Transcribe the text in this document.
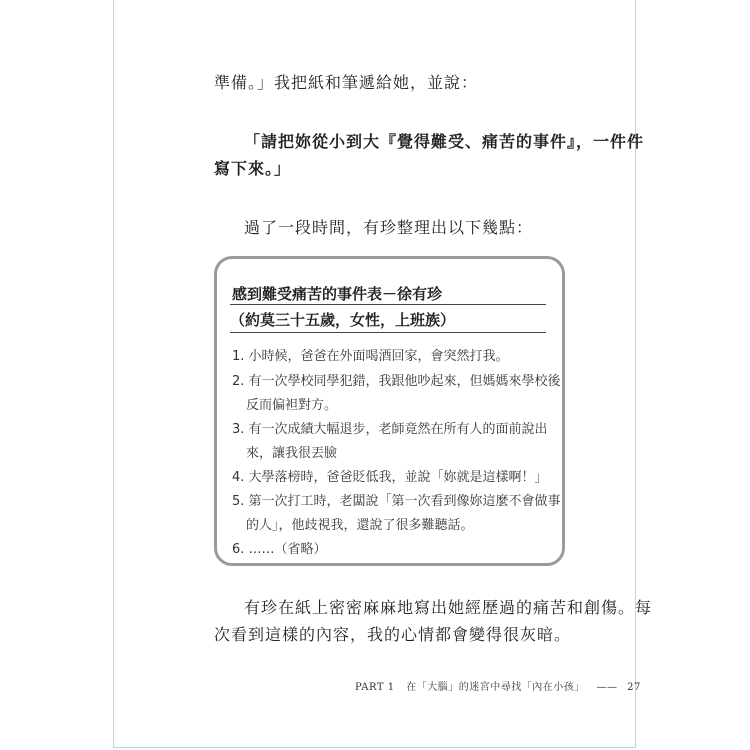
準備。」我把紙和筆遞給她，並說：
「請把妳從小到大『覺得難受、痛苦的事件』，一件件
寫下來。」
過了一段時間，有珍整理出以下幾點：
感到難受痛苦的事件表－徐有珍
（約莫三十五歲，女性，上班族）
1. 小時候，爸爸在外面喝酒回家，會突然打我。
2. 有一次學校同學犯錯，我跟他吵起來，但媽媽來學校後
反而偏袒對方。
3. 有一次成績大幅退步，老師竟然在所有人的面前說出
來，讓我很丟臉
4. 大學落榜時，爸爸貶低我，並說「妳就是這樣啊！」
5. 第一次打工時，老闆說「第一次看到像妳這麼不會做事
的人」，他歧視我，還說了很多難聽話。
6. ……（省略）
有珍在紙上密密麻麻地寫出她經歷過的痛苦和創傷。每
次看到這樣的內容，我的心情都會變得很灰暗。
PART 1 在「大腦」的迷宮中尋找「內在小孩」 —— 27
